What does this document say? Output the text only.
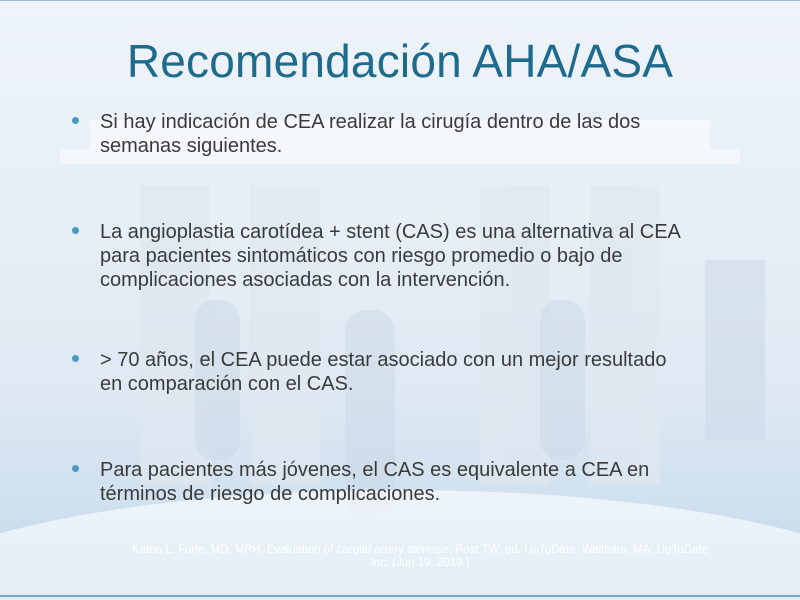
Recomendación AHA/ASA
Si hay indicación de CEA realizar la cirugía dentro de las dos
semanas siguientes.
La angioplastia carotídea + stent (CAS) es una alternativa al CEA
para pacientes sintomáticos con riesgo promedio o bajo de
complicaciones asociadas con la intervención.
> 70 años, el CEA puede estar asociado con un mejor resultado
en comparación con el CAS.
Para pacientes más jóvenes, el CAS es equivalente a CEA en
términos de riesgo de complicaciones.
Katen L. Furie, MD, MPH. Evaluation of carotid artery stenosis. Post TW, ed. UpToDate. Waltham, MA: UpToDate
Inc. (Jun 19, 2019.)
